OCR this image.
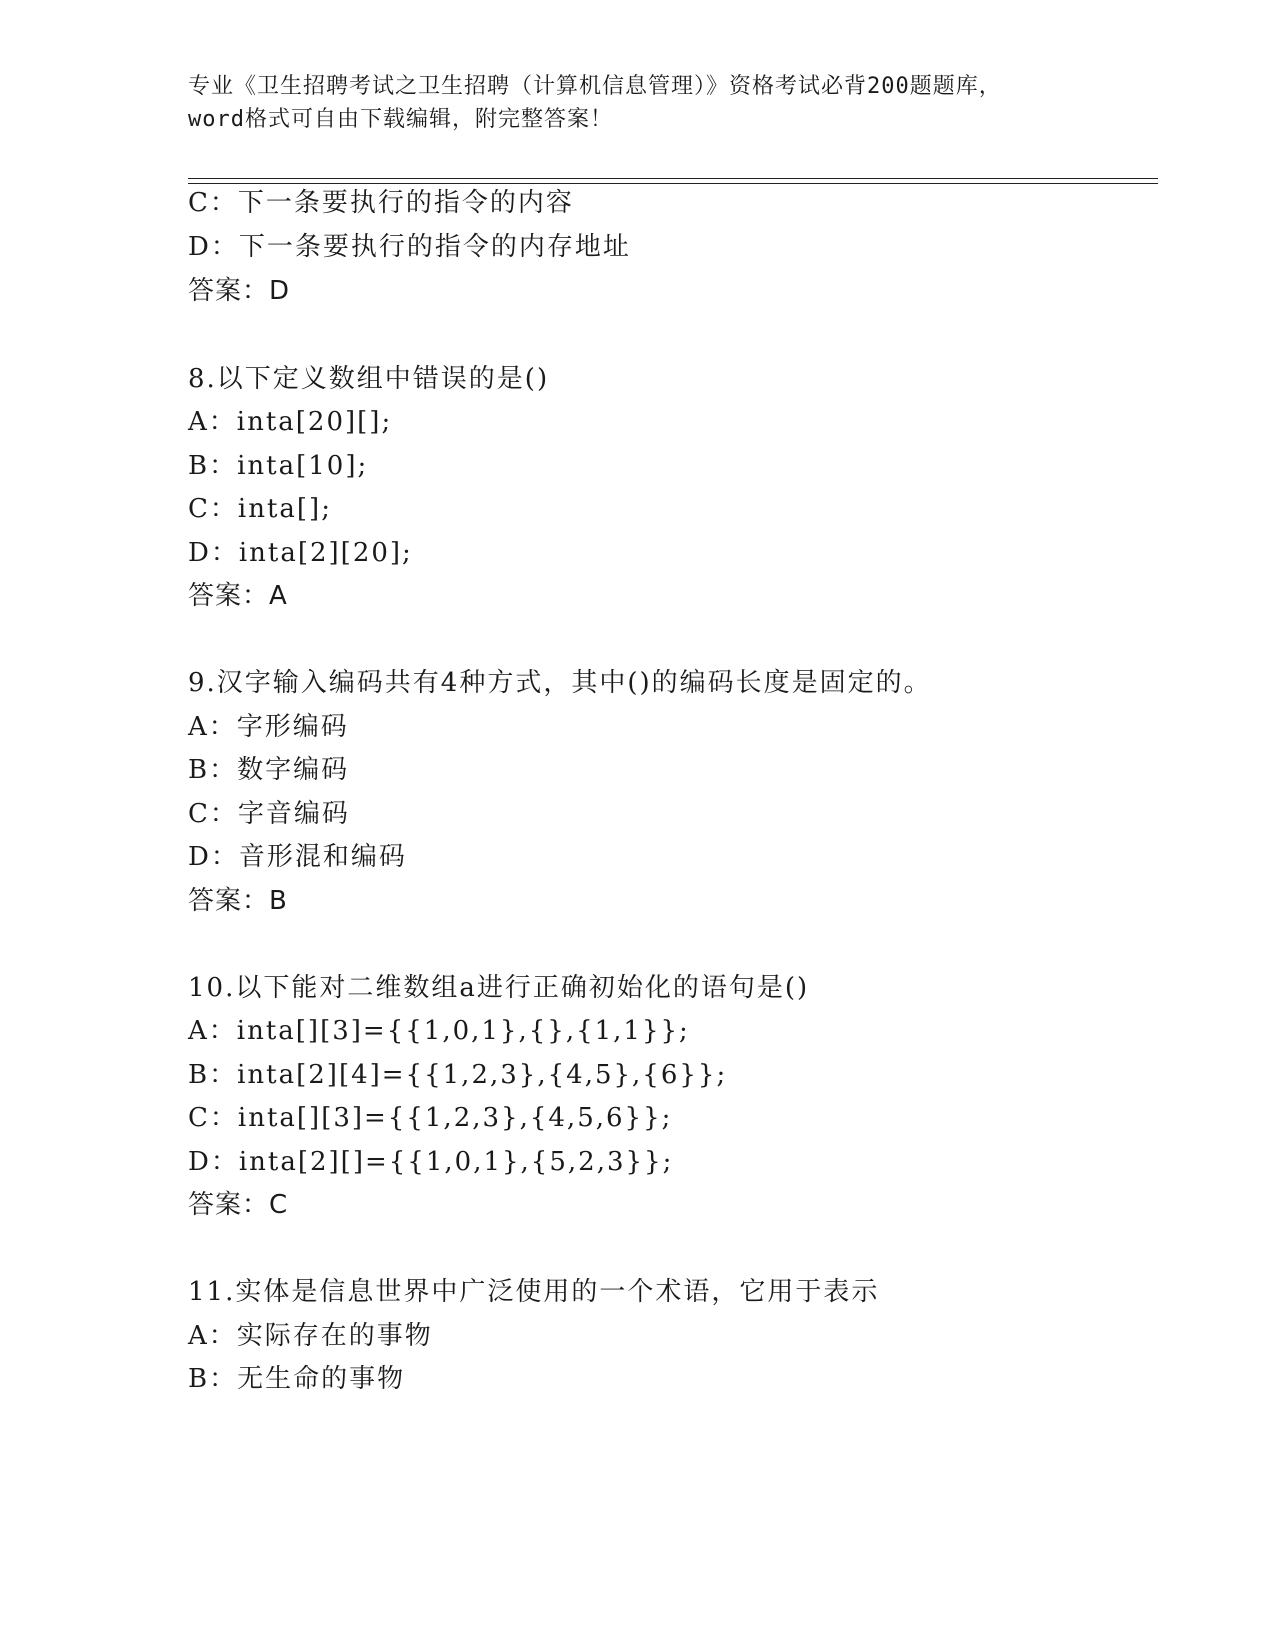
专业《卫生招聘考试之卫生招聘（计算机信息管理）》资格考试必背200题题库，
word格式可自由下载编辑，附完整答案！
C：下一条要执行的指令的内容
D：下一条要执行的指令的内存地址
答案：D
8.以下定义数组中错误的是()
A：inta[20][];
B：inta[10];
C：inta[];
D：inta[2][20];
答案：A
9.汉字输入编码共有4种方式，其中()的编码长度是固定的。
A：字形编码
B：数字编码
C：字音编码
D：音形混和编码
答案：B
10.以下能对二维数组a进行正确初始化的语句是()
A：inta[][3]={{1,0,1},{},{1,1}};
B：inta[2][4]={{1,2,3},{4,5},{6}};
C：inta[][3]={{1,2,3},{4,5,6}};
D：inta[2][]={{1,0,1},{5,2,3}};
答案：C
11.实体是信息世界中广泛使用的一个术语，它用于表示
A：实际存在的事物
B：无生命的事物
